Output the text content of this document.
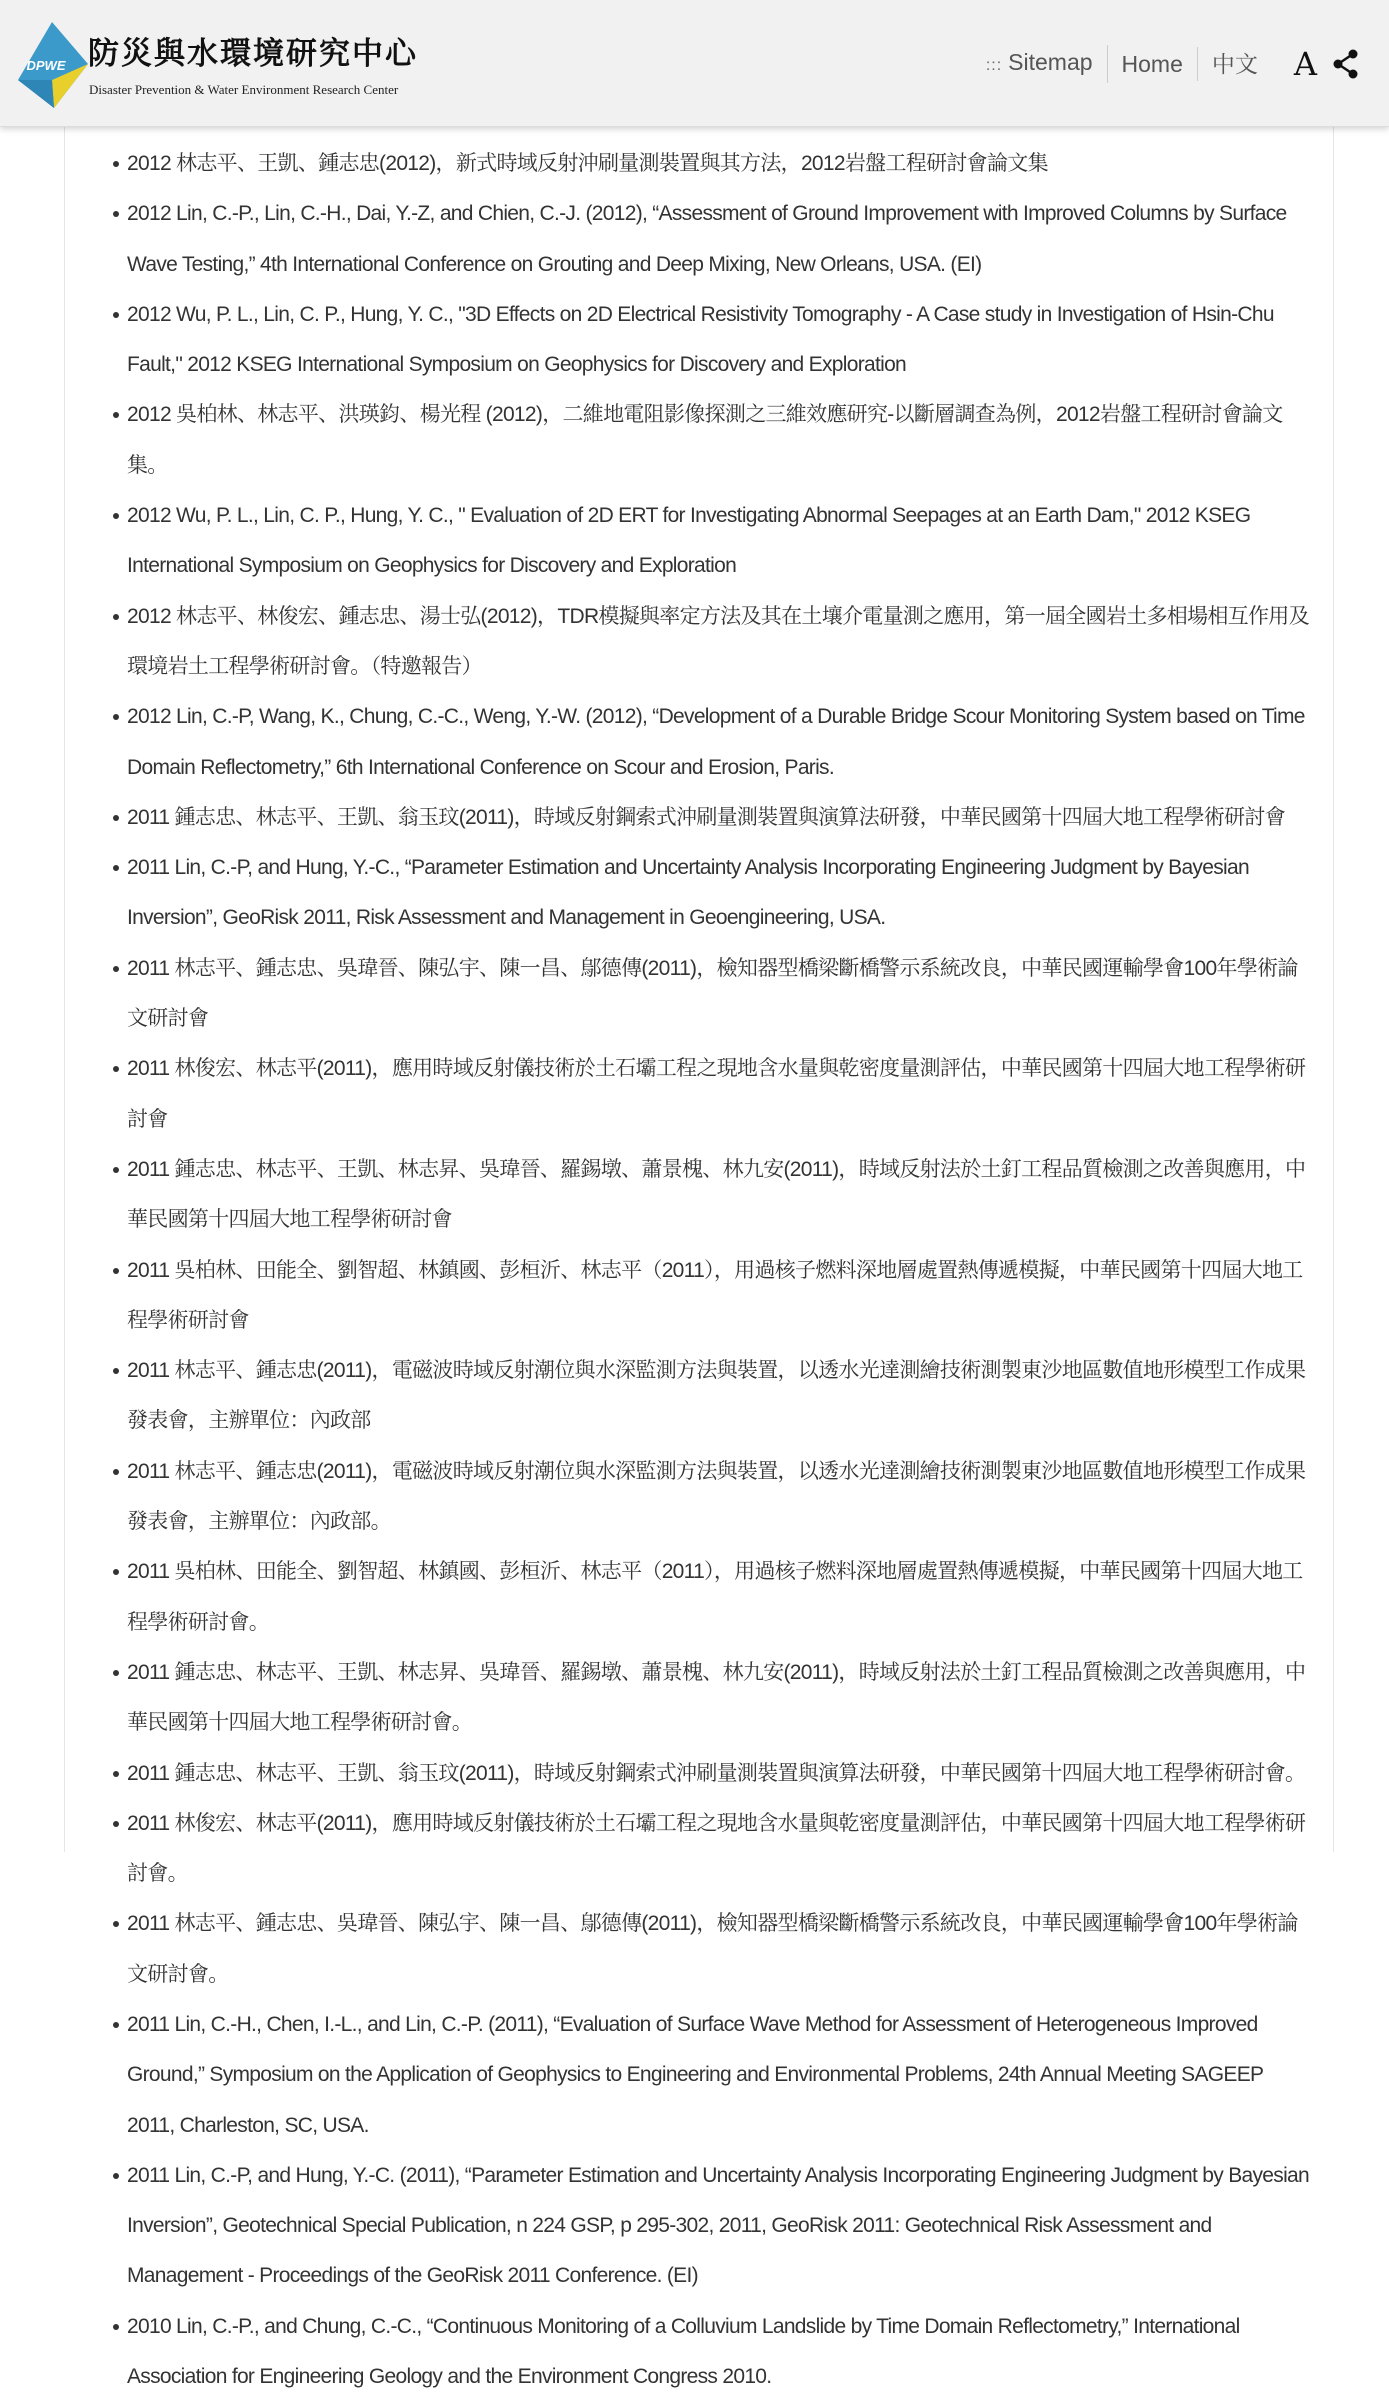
DPWE 防災與水環境研究中心
Disaster Prevention & Water Environment Research Center
::: Sitemap	Home	中文	A
2012 林志平、王凱、鍾志忠(2012)，新式時域反射沖刷量測裝置與其方法，2012岩盤工程研討會論文集
2012 Lin, C.-P., Lin, C.-H., Dai, Y.-Z, and Chien, C.-J. (2012), “Assessment of Ground Improvement with Improved Columns by Surface Wave Testing,” 4th International Conference on Grouting and Deep Mixing, New Orleans, USA. (EI)
2012 Wu, P. L., Lin, C. P., Hung, Y. C., "3D Effects on 2D Electrical Resistivity Tomography - A Case study in Investigation of Hsin-Chu Fault," 2012 KSEG International Symposium on Geophysics for Discovery and Exploration
2012 吳柏林、林志平、洪瑛鈞、楊光程 (2012)，二維地電阻影像探測之三維效應研究-以斷層調查為例，2012岩盤工程研討會論文集。
2012 Wu, P. L., Lin, C. P., Hung, Y. C., " Evaluation of 2D ERT for Investigating Abnormal Seepages at an Earth Dam," 2012 KSEG International Symposium on Geophysics for Discovery and Exploration
2012 林志平、林俊宏、鍾志忠、湯士弘(2012)，TDR模擬與率定方法及其在土壤介電量測之應用，第一屆全國岩土多相場相互作用及環境岩土工程學術研討會。（特邀報告）
2012 Lin, C.-P, Wang, K., Chung, C.-C., Weng, Y.-W. (2012), “Development of a Durable Bridge Scour Monitoring System based on Time Domain Reflectometry,” 6th International Conference on Scour and Erosion, Paris.
2011 鍾志忠、林志平、王凱、翁玉玟(2011)，時域反射鋼索式沖刷量測裝置與演算法研發，中華民國第十四屆大地工程學術研討會
2011 Lin, C.-P, and Hung, Y.-C., “Parameter Estimation and Uncertainty Analysis Incorporating Engineering Judgment by Bayesian Inversion”, GeoRisk 2011, Risk Assessment and Management in Geoengineering, USA.
2011 林志平、鍾志忠、吳瑋晉、陳弘宇、陳一昌、鄔德傳(2011)，檢知器型橋梁斷橋警示系統改良，中華民國運輸學會100年學術論文研討會
2011 林俊宏、林志平(2011)，應用時域反射儀技術於土石壩工程之現地含水量與乾密度量測評估，中華民國第十四屆大地工程學術研討會
2011 鍾志忠、林志平、王凱、林志昇、吳瑋晉、羅錫墩、蕭景槐、林九安(2011)，時域反射法於土釘工程品質檢測之改善與應用，中華民國第十四屆大地工程學術研討會
2011 吳柏林、田能全、劉智超、林鎮國、彭桓沂、林志平（2011），用過核子燃料深地層處置熱傳遞模擬，中華民國第十四屆大地工程學術研討會
2011 林志平、鍾志忠(2011)，電磁波時域反射潮位與水深監測方法與裝置，以透水光達測繪技術測製東沙地區數值地形模型工作成果發表會，主辦單位：內政部
2011 林志平、鍾志忠(2011)，電磁波時域反射潮位與水深監測方法與裝置，以透水光達測繪技術測製東沙地區數值地形模型工作成果發表會，主辦單位：內政部。
2011 吳柏林、田能全、劉智超、林鎮國、彭桓沂、林志平（2011），用過核子燃料深地層處置熱傳遞模擬，中華民國第十四屆大地工程學術研討會。
2011 鍾志忠、林志平、王凱、林志昇、吳瑋晉、羅錫墩、蕭景槐、林九安(2011)，時域反射法於土釘工程品質檢測之改善與應用，中華民國第十四屆大地工程學術研討會。
2011 鍾志忠、林志平、王凱、翁玉玟(2011)，時域反射鋼索式沖刷量測裝置與演算法研發，中華民國第十四屆大地工程學術研討會。
2011 林俊宏、林志平(2011)，應用時域反射儀技術於土石壩工程之現地含水量與乾密度量測評估，中華民國第十四屆大地工程學術研討會。
2011 林志平、鍾志忠、吳瑋晉、陳弘宇、陳一昌、鄔德傳(2011)，檢知器型橋梁斷橋警示系統改良，中華民國運輸學會100年學術論文研討會。
2011 Lin, C.-H., Chen, I.-L., and Lin, C.-P. (2011), “Evaluation of Surface Wave Method for Assessment of Heterogeneous Improved Ground,” Symposium on the Application of Geophysics to Engineering and Environmental Problems, 24th Annual Meeting SAGEEP 2011, Charleston, SC, USA.
2011 Lin, C.-P, and Hung, Y.-C. (2011), “Parameter Estimation and Uncertainty Analysis Incorporating Engineering Judgment by Bayesian Inversion”, Geotechnical Special Publication, n 224 GSP, p 295-302, 2011, GeoRisk 2011: Geotechnical Risk Assessment and Management - Proceedings of the GeoRisk 2011 Conference. (EI)
2010 Lin, C.-P., and Chung, C.-C., “Continuous Monitoring of a Colluvium Landslide by Time Domain Reflectometry,” International Association for Engineering Geology and the Environment Congress 2010.
